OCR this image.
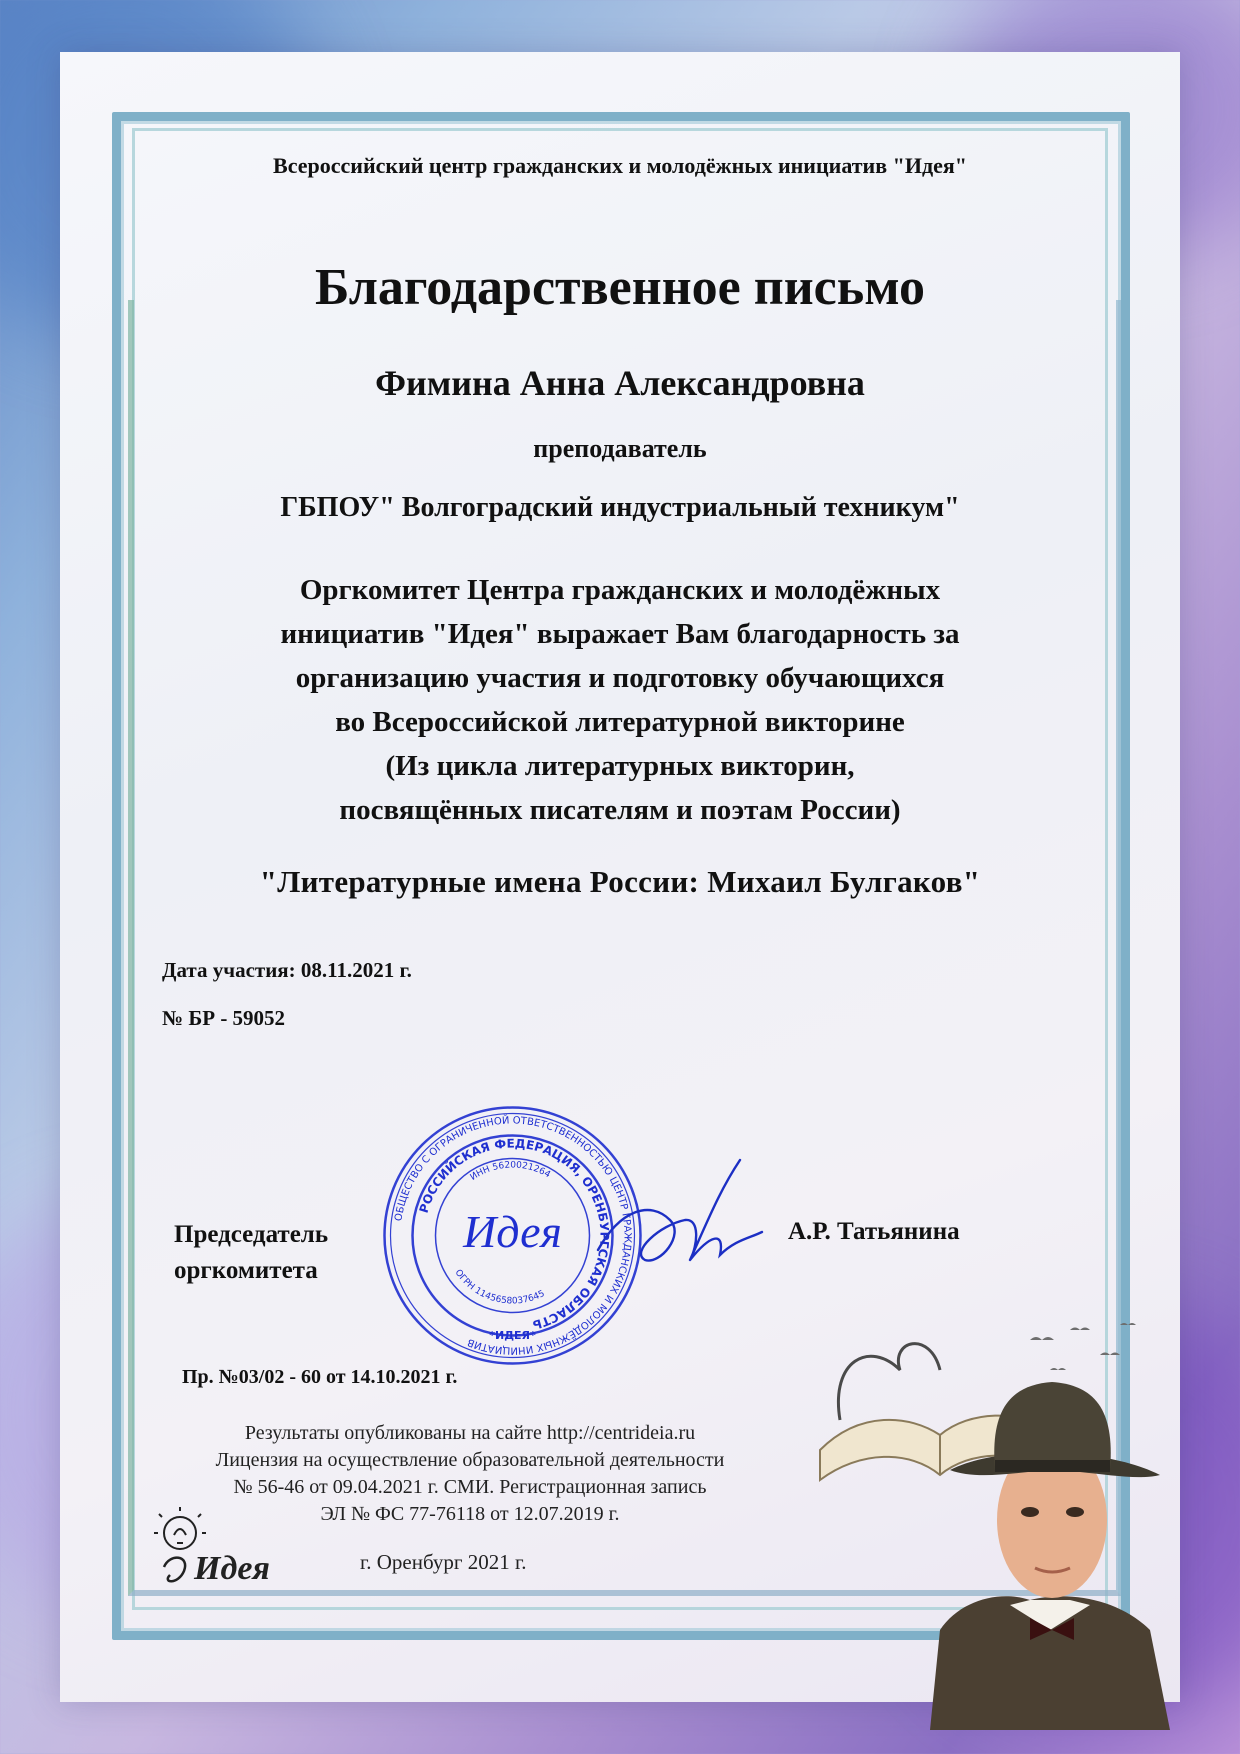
Всероссийский центр гражданских и молодёжных инициатив "Идея"
Благодарственное письмо
Фимина Анна Александровна
преподаватель
ГБПОУ" Волгоградский индустриальный техникум"
Оргкомитет Центра гражданских и молодёжных
инициатив "Идея" выражает Вам благодарность за
организацию участия и подготовку обучающихся
во Всероссийской литературной викторине
(Из цикла литературных викторин,
посвящённых писателям и поэтам России)
"Литературные имена России: Михаил Булгаков"
Дата участия: 08.11.2021 г.
№ БР - 59052
ОБЩЕСТВО С ОГРАНИЧЕННОЙ ОТВЕТСТВЕННОСТЬЮ ЦЕНТР ГРАЖДАНСКИХ И МОЛОДЁЖНЫХ ИНИЦИАТИВ
РОССИЙСКАЯ ФЕДЕРАЦИЯ, ОРЕНБУРГСКАЯ ОБЛАСТЬ
ИНН 5620021264
ОГРН 1145658037645
Идея
*ИДЕЯ*
Председатель
оргкомитета
А.Р. Татьянина
Пр. №03/02 - 60 от 14.10.2021 г.
Результаты опубликованы на сайте http://centrideia.ru
Лицензия на осуществление образовательной деятельности
№ 56-46 от 09.04.2021 г. СМИ. Регистрационная запись
ЭЛ № ФС 77-76118 от 12.07.2019 г.
г. Оренбург 2021 г.
Идея
